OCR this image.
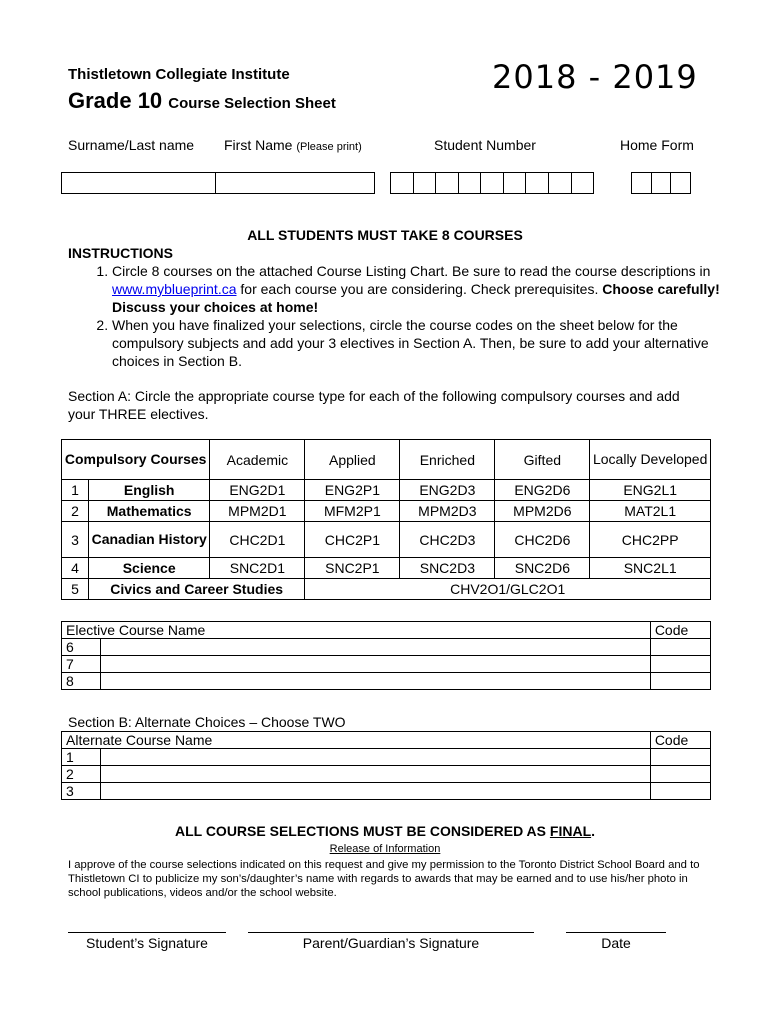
Thistletown Collegiate Institute
Grade 10 Course Selection Sheet
2018 - 2019
Surname/Last name First Name (Please print)	Student Number	Home Form
ALL STUDENTS MUST TAKE 8 COURSES
INSTRUCTIONS
1. Circle 8 courses on the attached Course Listing Chart. Be sure to read the course descriptions in www.myblueprint.ca for each course you are considering. Check prerequisites. Choose carefully! Discuss your choices at home!
2. When you have finalized your selections, circle the course codes on the sheet below for the compulsory subjects and add your 3 electives in Section A. Then, be sure to add your alternative choices in Section B.
Section A: Circle the appropriate course type for each of the following compulsory courses and add your THREE electives.
Compulsory Courses		Academic	Applied	Enriched	Gifted	Locally Developed
1	English	ENG2D1	ENG2P1	ENG2D3	ENG2D6	ENG2L1
2	Mathematics	MPM2D1	MFM2P1	MPM2D3	MPM2D6	MAT2L1
3	Canadian History	CHC2D1	CHC2P1	CHC2D3	CHC2D6	CHC2PP
4	Science	SNC2D1	SNC2P1	SNC2D3	SNC2D6	SNC2L1
5	Civics and Career Studies		CHV2O1/GLC2O1			
Elective Course Name		Code
6		
7		
8		
Section B: Alternate Choices – Choose TWO
Alternate Course Name		Code
1		
2		
3		
ALL COURSE SELECTIONS MUST BE CONSIDERED AS FINAL.
Release of Information
I approve of the course selections indicated on this request and give my permission to the Toronto District School Board and to Thistletown CI to publicize my son’s/daughter’s name with regards to awards that may be earned and to use his/her photo in school publications, videos and/or the school website.
Student’s Signature	Parent/Guardian’s Signature	Date
